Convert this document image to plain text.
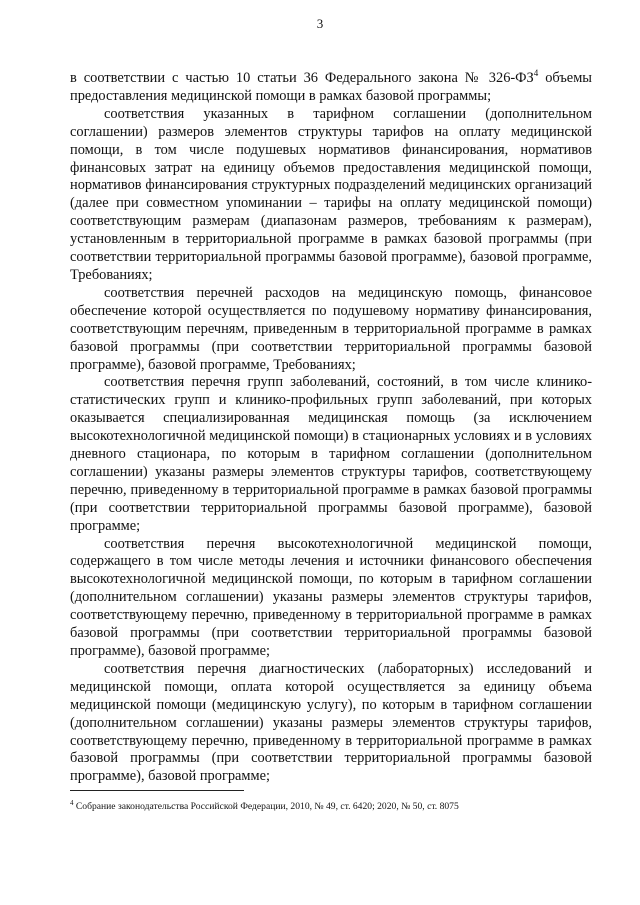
3

в соответствии с частью 10 статьи 36 Федерального закона № $326-ФЗ^4$ объемы предоставления медицинской помощи в рамках базовой программы;

соответствия указанных в тарифном соглашении (дополнительном соглашении) размеров элементов структуры тарифов на оплату медицинской помощи, в том числе подушевых нормативов финансирования, нормативов финансовых затрат на единицу объемов предоставления медицинской помощи, нормативов финансирования структурных подразделений медицинских организаций (далее при совместном упоминании – тарифы на оплату медицинской помощи) соответствующим размерам (диапазонам размеров, требованиям к размерам), установленным в территориальной программе в рамках базовой программы (при соответствии территориальной программы базовой программе), базовой программе, Требованиях;

соответствия перечней расходов на медицинскую помощь, финансовое обеспечение которой осуществляется по подушевому нормативу финансирования, соответствующим перечням, приведенным в территориальной программе в рамках базовой программы (при соответствии территориальной программы базовой программе), базовой программе, Требованиях;

соответствия перечня групп заболеваний, состояний, в том числе клинико-статистических групп и клинико-профильных групп заболеваний, при которых оказывается специализированная медицинская помощь (за исключением высокотехнологичной медицинской помощи) в стационарных условиях и в условиях дневного стационара, по которым в тарифном соглашении (дополнительном соглашении) указаны размеры элементов структуры тарифов, соответствующему перечню, приведенному в территориальной программе в рамках базовой программы (при соответствии территориальной программы базовой программе), базовой программе;

соответствия перечня высокотехнологичной медицинской помощи, содержащего в том числе методы лечения и источники финансового обеспечения высокотехнологичной медицинской помощи, по которым в тарифном соглашении (дополнительном соглашении) указаны размеры элементов структуры тарифов, соответствующему перечню, приведенному в территориальной программе в рамках базовой программы (при соответствии территориальной программы базовой программе), базовой программе;

соответствия перечня диагностических (лабораторных) исследований и медицинской помощи, оплата которой осуществляется за единицу объема медицинской помощи (медицинскую услугу), по которым в тарифном соглашении (дополнительном соглашении) указаны размеры элементов структуры тарифов, соответствующему перечню, приведенному в территориальной программе в рамках базовой программы (при соответствии территориальной программы базовой программе), базовой программе;

$^4$ Собрание законодательства Российской Федерации, 2010, № 49, ст. 6420; 2020, № 50, ст. 8075
